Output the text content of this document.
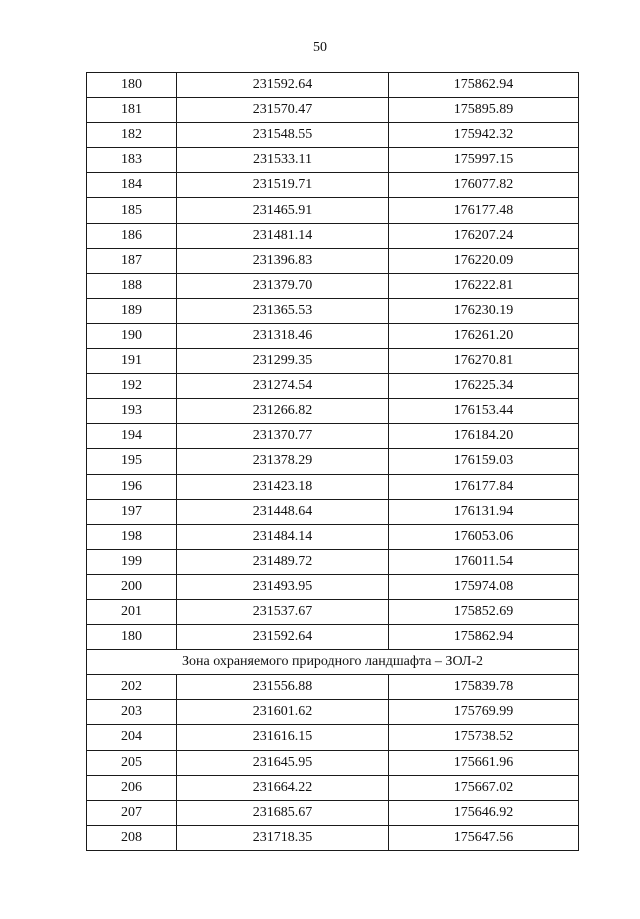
50
180	231592.64	175862.94
181	231570.47	175895.89
182	231548.55	175942.32
183	231533.11	175997.15
184	231519.71	176077.82
185	231465.91	176177.48
186	231481.14	176207.24
187	231396.83	176220.09
188	231379.70	176222.81
189	231365.53	176230.19
190	231318.46	176261.20
191	231299.35	176270.81
192	231274.54	176225.34
193	231266.82	176153.44
194	231370.77	176184.20
195	231378.29	176159.03
196	231423.18	176177.84
197	231448.64	176131.94
198	231484.14	176053.06
199	231489.72	176011.54
200	231493.95	175974.08
201	231537.67	175852.69
180	231592.64	175862.94
Зона охраняемого природного ландшафта – ЗОЛ-2		
202	231556.88	175839.78
203	231601.62	175769.99
204	231616.15	175738.52
205	231645.95	175661.96
206	231664.22	175667.02
207	231685.67	175646.92
208	231718.35	175647.56
